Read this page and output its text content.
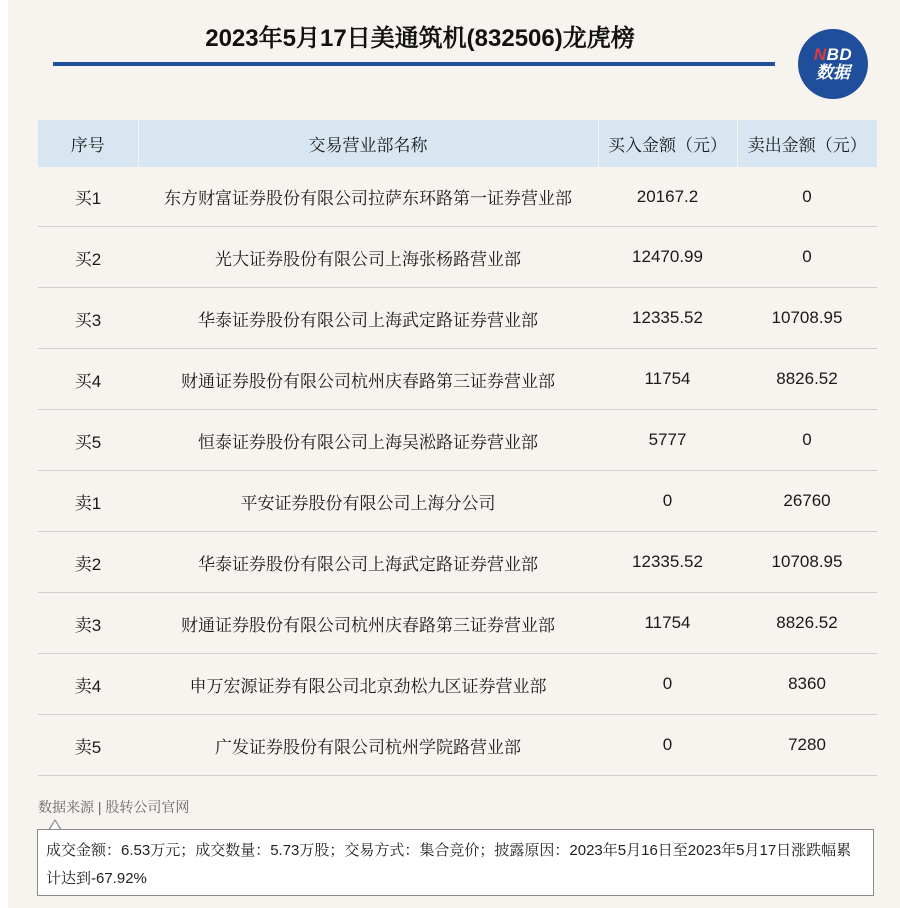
2023年5月17日美通筑机(832506)龙虎榜
NBD
数据
序号	交易营业部名称	买入金额（元）	卖出金额（元）
买1	东方财富证券股份有限公司拉萨东环路第一证券营业部	20167.2	0
买2	光大证券股份有限公司上海张杨路营业部	12470.99	0
买3	华泰证券股份有限公司上海武定路证券营业部	12335.52	10708.95
买4	财通证券股份有限公司杭州庆春路第三证券营业部	11754	8826.52
买5	恒泰证券股份有限公司上海吴淞路证券营业部	5777	0
卖1	平安证券股份有限公司上海分公司	0	26760
卖2	华泰证券股份有限公司上海武定路证券营业部	12335.52	10708.95
卖3	财通证券股份有限公司杭州庆春路第三证券营业部	11754	8826.52
卖4	申万宏源证券有限公司北京劲松九区证券营业部	0	8360
卖5	广发证券股份有限公司杭州学院路营业部	0	7280
数据来源 | 股转公司官网
成交金额：6.53万元；成交数量：5.73万股；交易方式：集合竞价；披露原因：2023年5月16日至2023年5月17日涨跌幅累计达到-67.92%
